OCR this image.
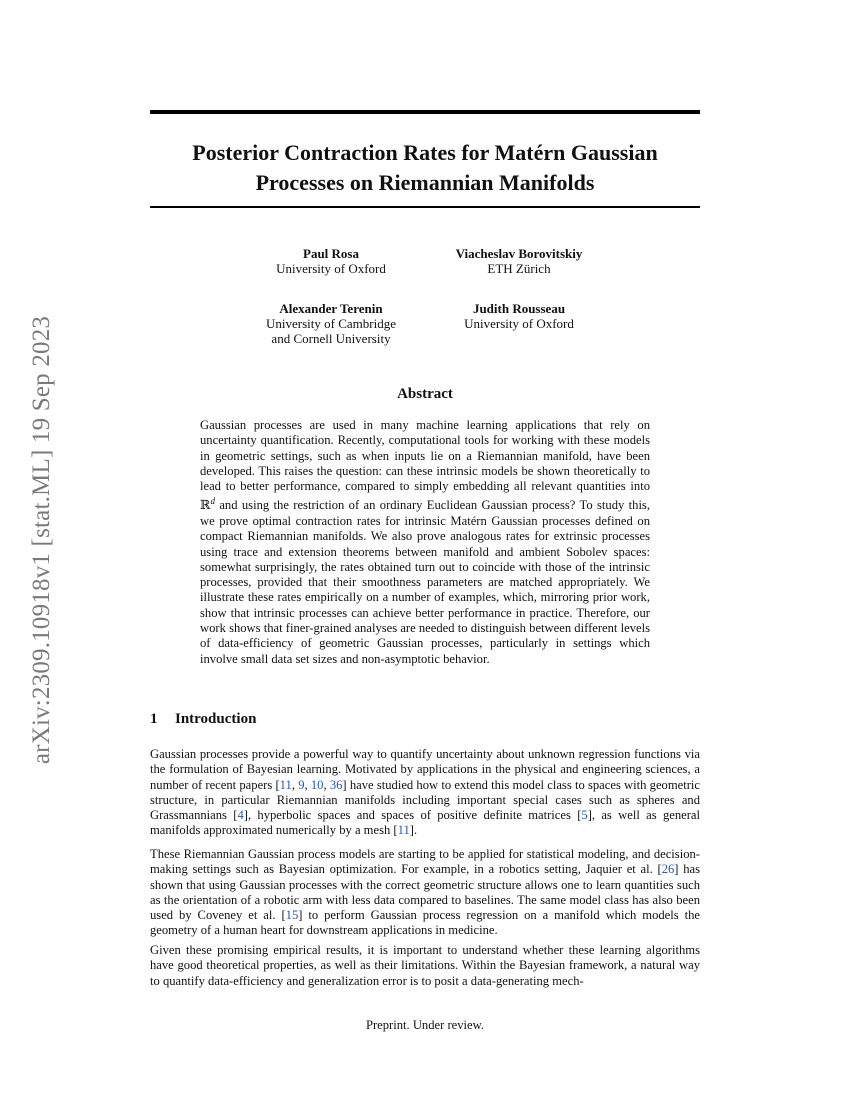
arXiv:2309.10918v1 [stat.ML] 19 Sep 2023
Posterior Contraction Rates for Matérn Gaussian
Processes on Riemannian Manifolds
Paul Rosa
University of Oxford
Viacheslav Borovitskiy
ETH Zürich
Alexander Terenin
University of Cambridge
and Cornell University
Judith Rousseau
University of Oxford
Abstract

Gaussian processes are used in many machine learning applications that rely on uncertainty quantification. Recently, computational tools for working with these models in geometric settings, such as when inputs lie on a Riemannian manifold, have been developed. This raises the question: can these intrinsic models be shown theoretically to lead to better performance, compared to simply embedding all relevant quantities into ℝ$^d$ and using the restriction of an ordinary Euclidean Gaussian process? To study this, we prove optimal contraction rates for intrinsic Matérn Gaussian processes defined on compact Riemannian manifolds. We also prove analogous rates for extrinsic processes using trace and extension theorems between manifold and ambient Sobolev spaces: somewhat surprisingly, the rates obtained turn out to coincide with those of the intrinsic processes, provided that their smoothness parameters are matched appropriately. We illustrate these rates empirically on a number of examples, which, mirroring prior work, show that intrinsic processes can achieve better performance in practice. Therefore, our work shows that finer-grained analyses are needed to distinguish between different levels of data-efficiency of geometric Gaussian processes, particularly in settings which involve small data set sizes and non-asymptotic behavior.

1 Introduction

Gaussian processes provide a powerful way to quantify uncertainty about unknown regression functions via the formulation of Bayesian learning. Motivated by applications in the physical and engineering sciences, a number of recent papers [11, 9, 10, 36] have studied how to extend this model class to spaces with geometric structure, in particular Riemannian manifolds including important special cases such as spheres and Grassmannians [4], hyperbolic spaces and spaces of positive definite matrices [5], as well as general manifolds approximated numerically by a mesh [11].

These Riemannian Gaussian process models are starting to be applied for statistical modeling, and decision-making settings such as Bayesian optimization. For example, in a robotics setting, Jaquier et al. [26] has shown that using Gaussian processes with the correct geometric structure allows one to learn quantities such as the orientation of a robotic arm with less data compared to baselines. The same model class has also been used by Coveney et al. [15] to perform Gaussian process regression on a manifold which models the geometry of a human heart for downstream applications in medicine.

Given these promising empirical results, it is important to understand whether these learning algorithms have good theoretical properties, as well as their limitations. Within the Bayesian framework, a natural way to quantify data-efficiency and generalization error is to posit a data-generating mech-

Preprint. Under review.
